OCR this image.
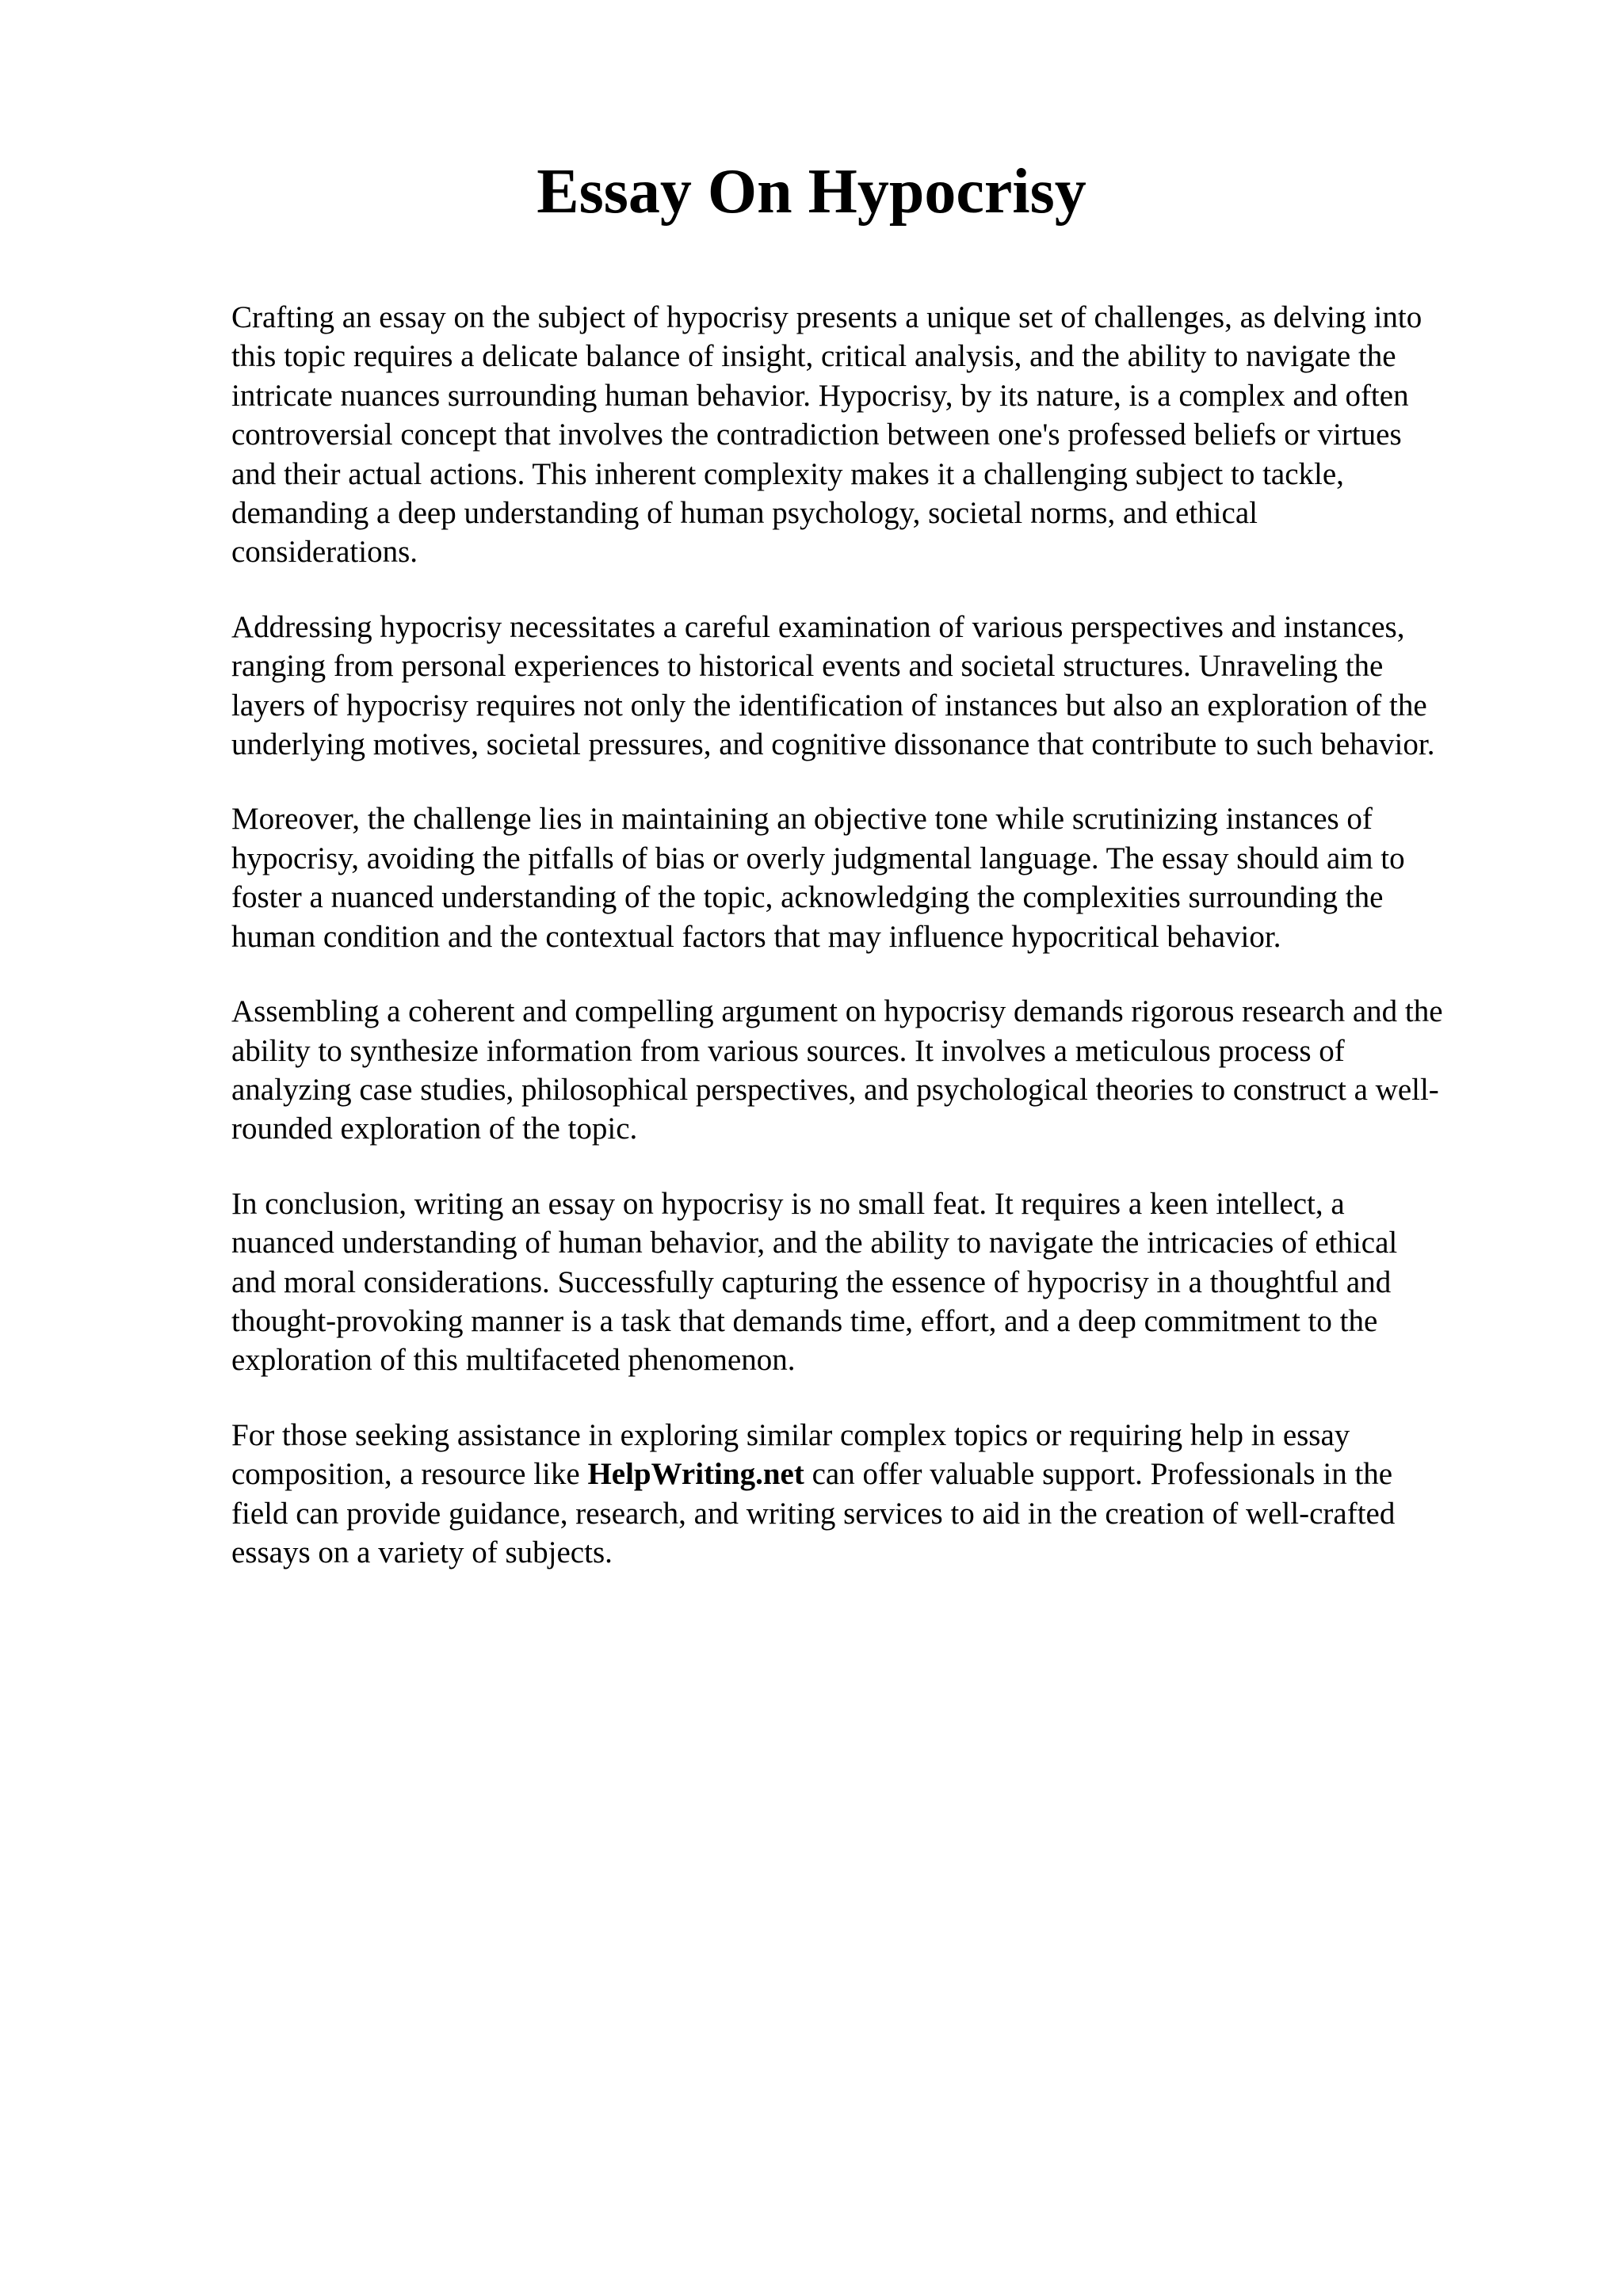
Essay On Hypocrisy

Crafting an essay on the subject of hypocrisy presents a unique set of challenges, as delving into
this topic requires a delicate balance of insight, critical analysis, and the ability to navigate the
intricate nuances surrounding human behavior. Hypocrisy, by its nature, is a complex and often
controversial concept that involves the contradiction between one's professed beliefs or virtues
and their actual actions. This inherent complexity makes it a challenging subject to tackle,
demanding a deep understanding of human psychology, societal norms, and ethical
considerations.

Addressing hypocrisy necessitates a careful examination of various perspectives and instances,
ranging from personal experiences to historical events and societal structures. Unraveling the
layers of hypocrisy requires not only the identification of instances but also an exploration of the
underlying motives, societal pressures, and cognitive dissonance that contribute to such behavior.

Moreover, the challenge lies in maintaining an objective tone while scrutinizing instances of
hypocrisy, avoiding the pitfalls of bias or overly judgmental language. The essay should aim to
foster a nuanced understanding of the topic, acknowledging the complexities surrounding the
human condition and the contextual factors that may influence hypocritical behavior.

Assembling a coherent and compelling argument on hypocrisy demands rigorous research and the
ability to synthesize information from various sources. It involves a meticulous process of
analyzing case studies, philosophical perspectives, and psychological theories to construct a well-
rounded exploration of the topic.

In conclusion, writing an essay on hypocrisy is no small feat. It requires a keen intellect, a
nuanced understanding of human behavior, and the ability to navigate the intricacies of ethical
and moral considerations. Successfully capturing the essence of hypocrisy in a thoughtful and
thought-provoking manner is a task that demands time, effort, and a deep commitment to the
exploration of this multifaceted phenomenon.

For those seeking assistance in exploring similar complex topics or requiring help in essay
composition, a resource like HelpWriting.net can offer valuable support. Professionals in the
field can provide guidance, research, and writing services to aid in the creation of well-crafted
essays on a variety of subjects.
